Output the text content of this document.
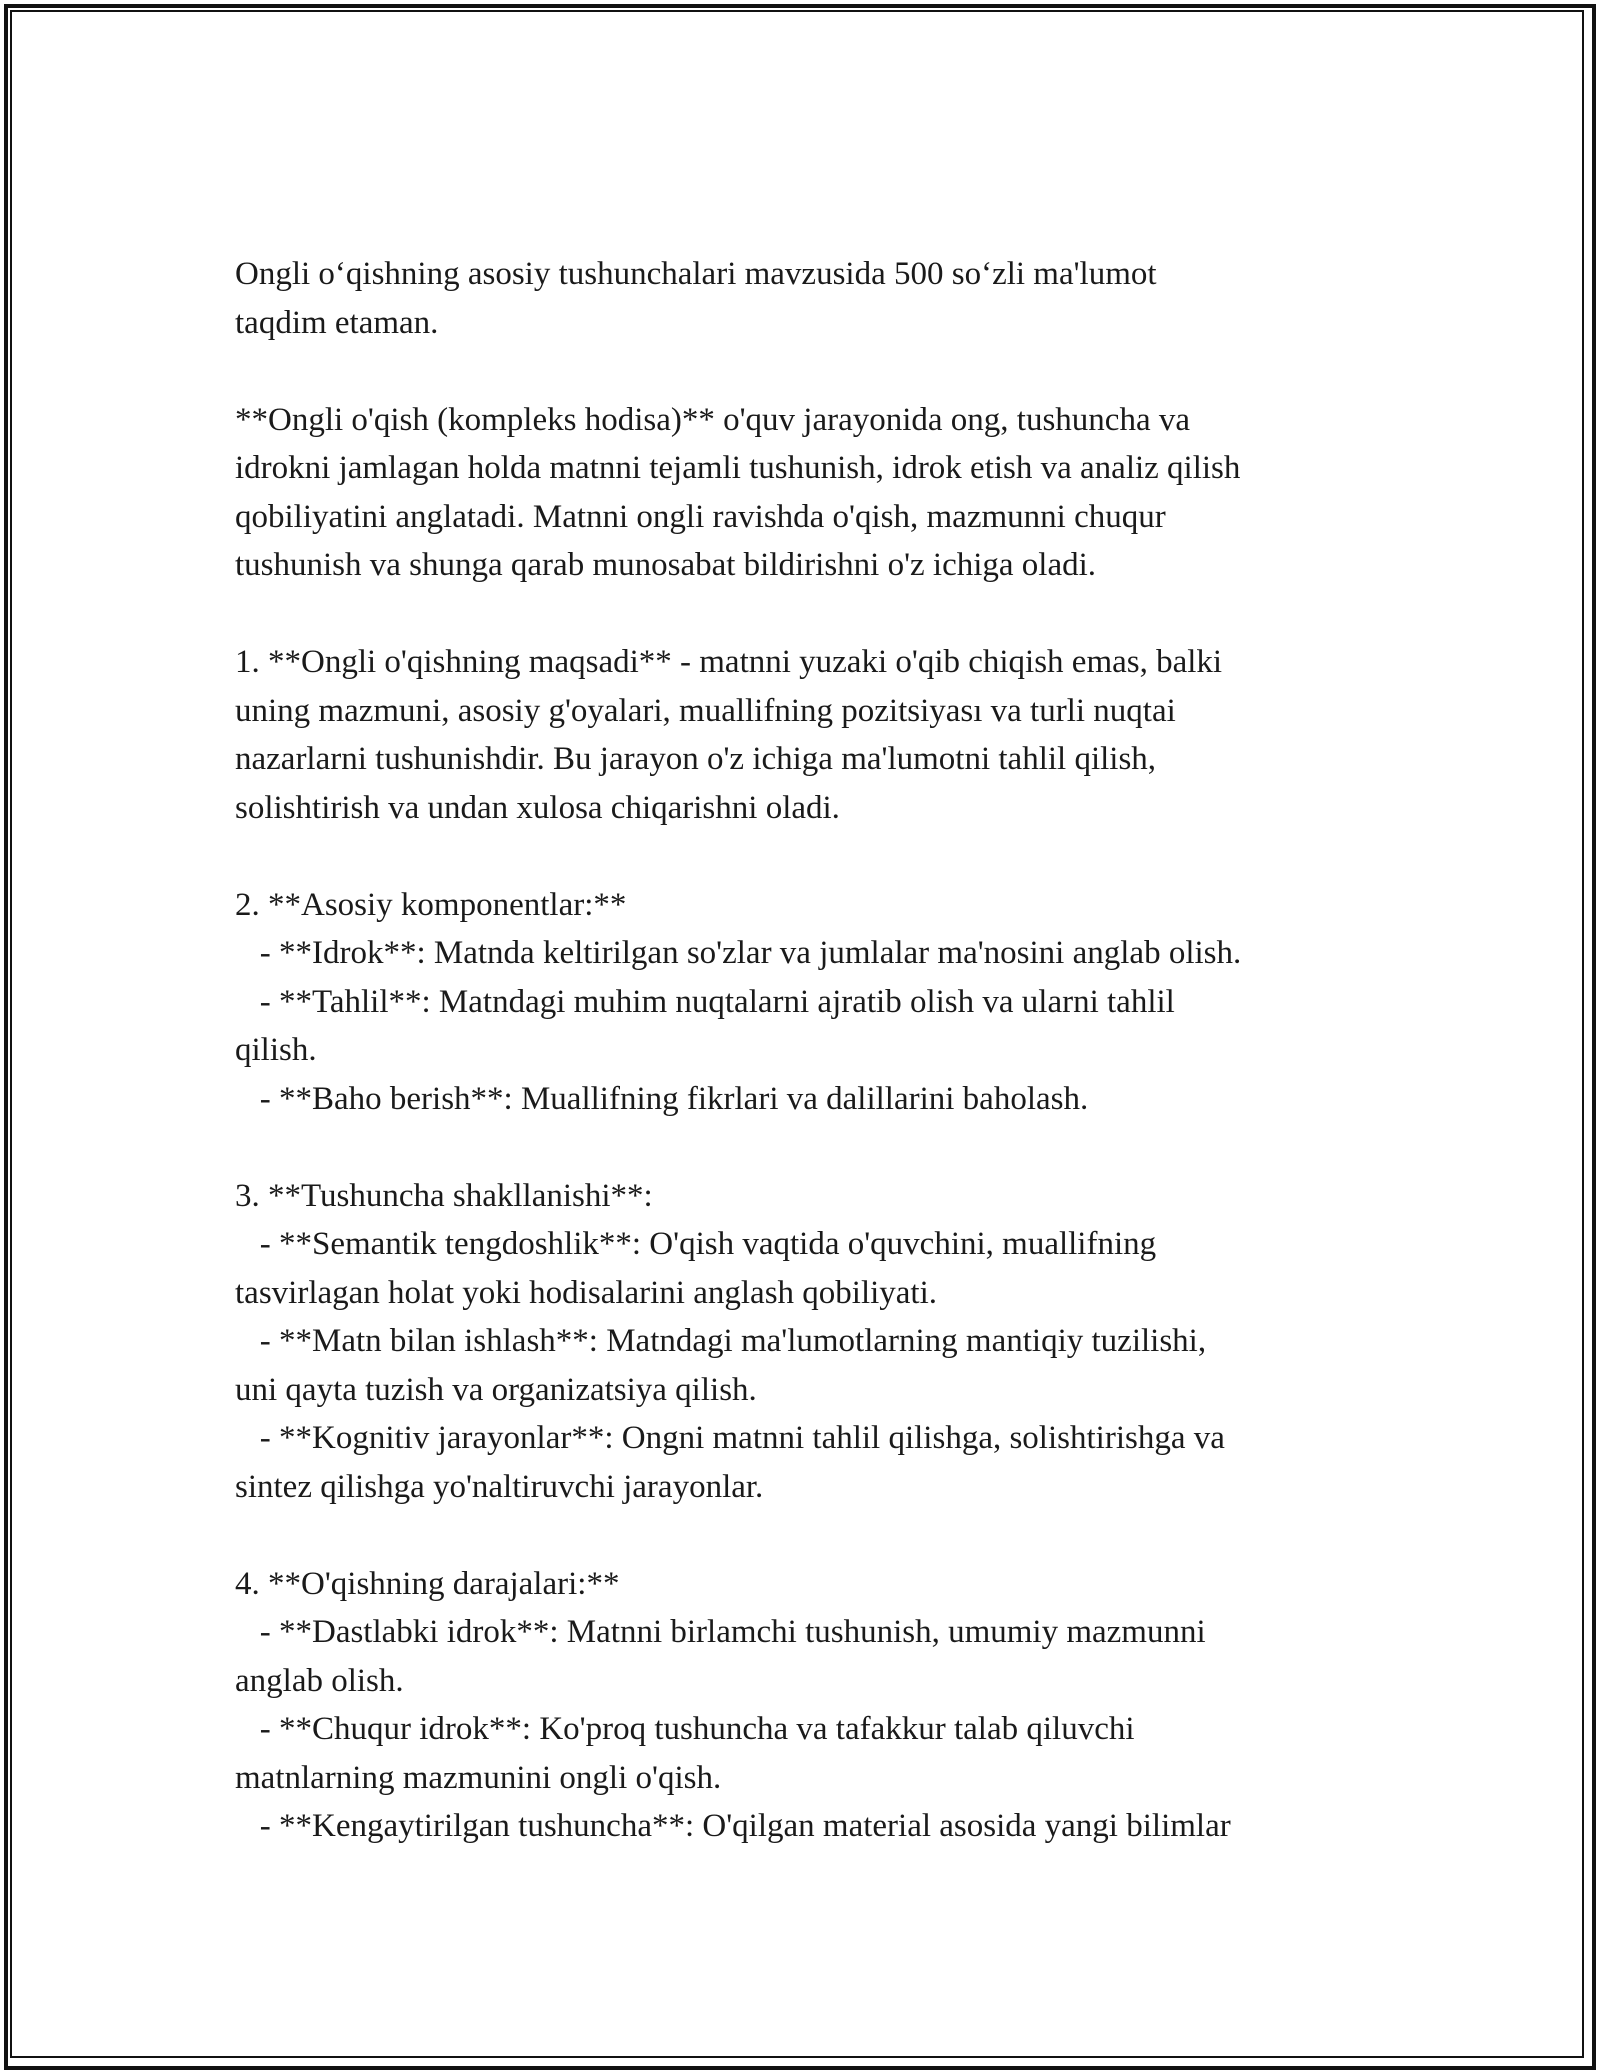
Ongli o‘qishning asosiy tushunchalari mavzusida 500 so‘zli ma'lumot
taqdim etaman.
**Ongli o'qish (kompleks hodisa)** o'quv jarayonida ong, tushuncha va
idrokni jamlagan holda matnni tejamli tushunish, idrok etish va analiz qilish
qobiliyatini anglatadi. Matnni ongli ravishda o'qish, mazmunni chuqur
tushunish va shunga qarab munosabat bildirishni o'z ichiga oladi.
1. **Ongli o'qishning maqsadi** - matnni yuzaki o'qib chiqish emas, balki
uning mazmuni, asosiy g'oyalari, muallifning pozitsiyası va turli nuqtai
nazarlarni tushunishdir. Bu jarayon o'z ichiga ma'lumotni tahlil qilish,
solishtirish va undan xulosa chiqarishni oladi.
2. **Asosiy komponentlar:**
- **Idrok**: Matnda keltirilgan so'zlar va jumlalar ma'nosini anglab olish.
- **Tahlil**: Matndagi muhim nuqtalarni ajratib olish va ularni tahlil
qilish.
- **Baho berish**: Muallifning fikrlari va dalillarini baholash.
3. **Tushuncha shakllanishi**:
- **Semantik tengdoshlik**: O'qish vaqtida o'quvchini, muallifning
tasvirlagan holat yoki hodisalarini anglash qobiliyati.
- **Matn bilan ishlash**: Matndagi ma'lumotlarning mantiqiy tuzilishi,
uni qayta tuzish va organizatsiya qilish.
- **Kognitiv jarayonlar**: Ongni matnni tahlil qilishga, solishtirishga va
sintez qilishga yo'naltiruvchi jarayonlar.
4. **O'qishning darajalari:**
- **Dastlabki idrok**: Matnni birlamchi tushunish, umumiy mazmunni
anglab olish.
- **Chuqur idrok**: Ko'proq tushuncha va tafakkur talab qiluvchi
matnlarning mazmunini ongli o'qish.
- **Kengaytirilgan tushuncha**: O'qilgan material asosida yangi bilimlar
